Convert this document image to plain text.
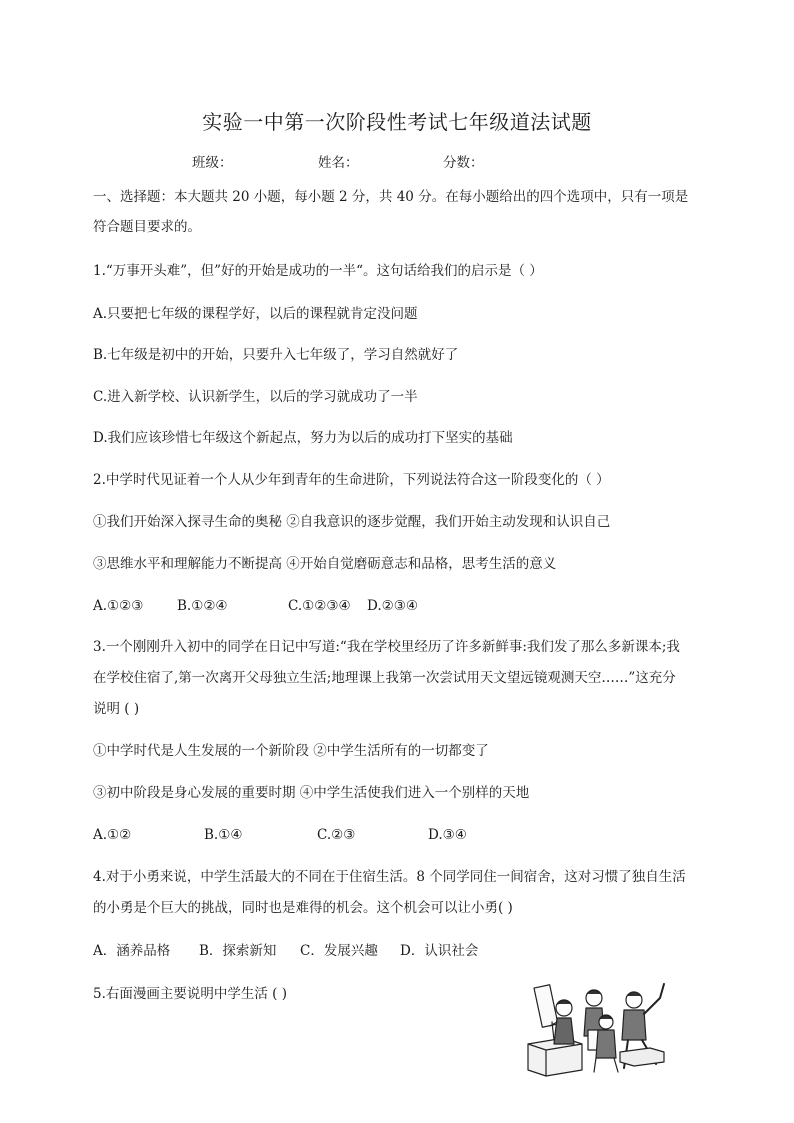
实验一中第一次阶段性考试七年级道法试题
班级：	姓名：	分数：
一、选择题：本大题共 20 小题，每小题 2 分，共 40 分。在每小题给出的四个选项中，只有一项是
符合题目要求的。
1.“万事开头难”，但”好的开始是成功的一半“。这句话给我们的启示是（ ）
A.只要把七年级的课程学好，以后的课程就肯定没问题
B.七年级是初中的开始，只要升入七年级了，学习自然就好了
C.进入新学校、认识新学生，以后的学习就成功了一半
D.我们应该珍惜七年级这个新起点，努力为以后的成功打下坚实的基础
2.中学时代见证着一个人从少年到青年的生命进阶，下列说法符合这一阶段变化的（ ）
①我们开始深入探寻生命的奥秘 ②自我意识的逐步觉醒，我们开始主动发现和认识自己
③思维水平和理解能力不断提高 ④开始自觉磨砺意志和品格，思考生活的意义
A.①②③ B.①②④	C.①②③④ D.②③④
3.一个刚刚升入初中的同学在日记中写道:“我在学校里经历了许多新鲜事:我们发了那么多新课本;我
在学校住宿了,第一次离开父母独立生活;地理课上我第一次尝试用天文望远镜观测天空……”这充分
说明 ( )
①中学时代是人生发展的一个新阶段 ②中学生活所有的一切都变了
③初中阶段是身心发展的重要时期 ④中学生活使我们进入一个别样的天地
A.①②	B.①④	C.②③	D.③④
4.对于小勇来说，中学生活最大的不同在于住宿生活。8 个同学同住一间宿舍，这对习惯了独自生活
的小勇是个巨大的挑战，同时也是难得的机会。这个机会可以让小勇( )
A．涵养品格 B．探索新知 C．发展兴趣 D．认识社会
5.右面漫画主要说明中学生活 ( )
